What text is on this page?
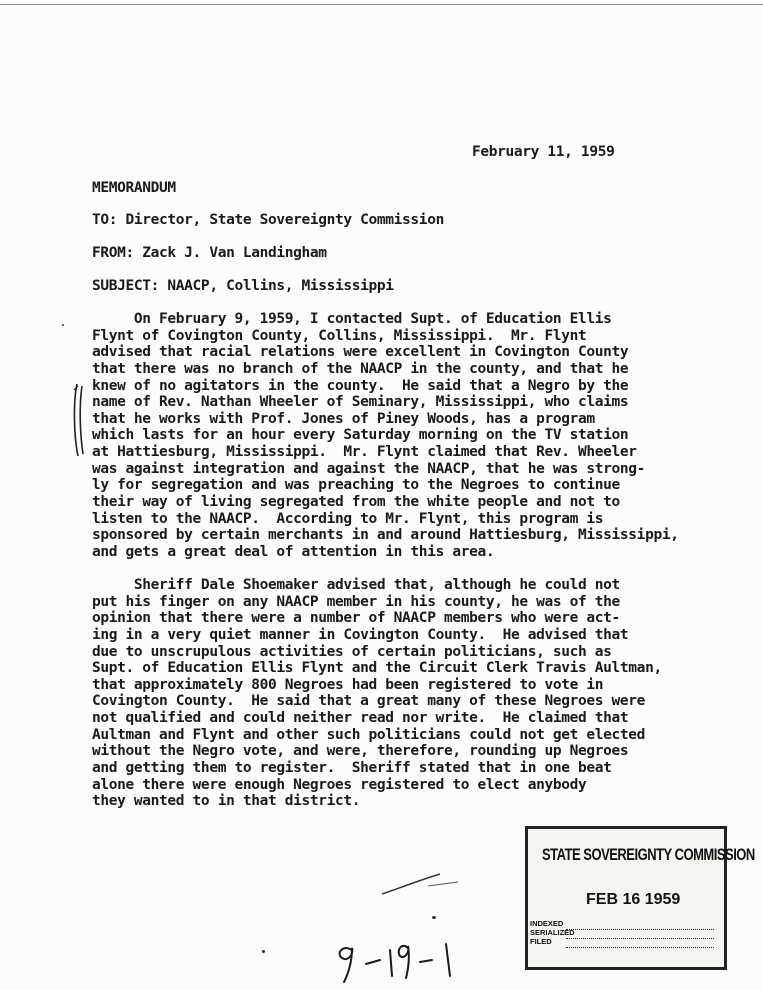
February 11, 1959
MEMORANDUM
TO: Director, State Sovereignty Commission
FROM: Zack J. Van Landingham
SUBJECT: NAACP, Collins, Mississippi
On February 9, 1959, I contacted Supt. of Education Ellis
Flynt of Covington County, Collins, Mississippi.  Mr. Flynt
advised that racial relations were excellent in Covington County
that there was no branch of the NAACP in the county, and that he
knew of no agitators in the county.  He said that a Negro by the
name of Rev. Nathan Wheeler of Seminary, Mississippi, who claims
that he works with Prof. Jones of Piney Woods, has a program
which lasts for an hour every Saturday morning on the TV station
at Hattiesburg, Mississippi.  Mr. Flynt claimed that Rev. Wheeler
was against integration and against the NAACP, that he was strong-
ly for segregation and was preaching to the Negroes to continue
their way of living segregated from the white people and not to
listen to the NAACP.  According to Mr. Flynt, this program is
sponsored by certain merchants in and around Hattiesburg, Mississippi,
and gets a great deal of attention in this area.
Sheriff Dale Shoemaker advised that, although he could not
put his finger on any NAACP member in his county, he was of the
opinion that there were a number of NAACP members who were act-
ing in a very quiet manner in Covington County.  He advised that
due to unscrupulous activities of certain politicians, such as
Supt. of Education Ellis Flynt and the Circuit Clerk Travis Aultman,
that approximately 800 Negroes had been registered to vote in
Covington County.  He said that a great many of these Negroes were
not qualified and could neither read nor write.  He claimed that
Aultman and Flynt and other such politicians could not get elected
without the Negro vote, and were, therefore, rounding up Negroes
and getting them to register.  Sheriff stated that in one beat
alone there were enough Negroes registered to elect anybody
they wanted to in that district.
STATE SOVEREIGNTY COMMISSION
FEB 16 1959
INDEXED
SERIALIZED
FILED
